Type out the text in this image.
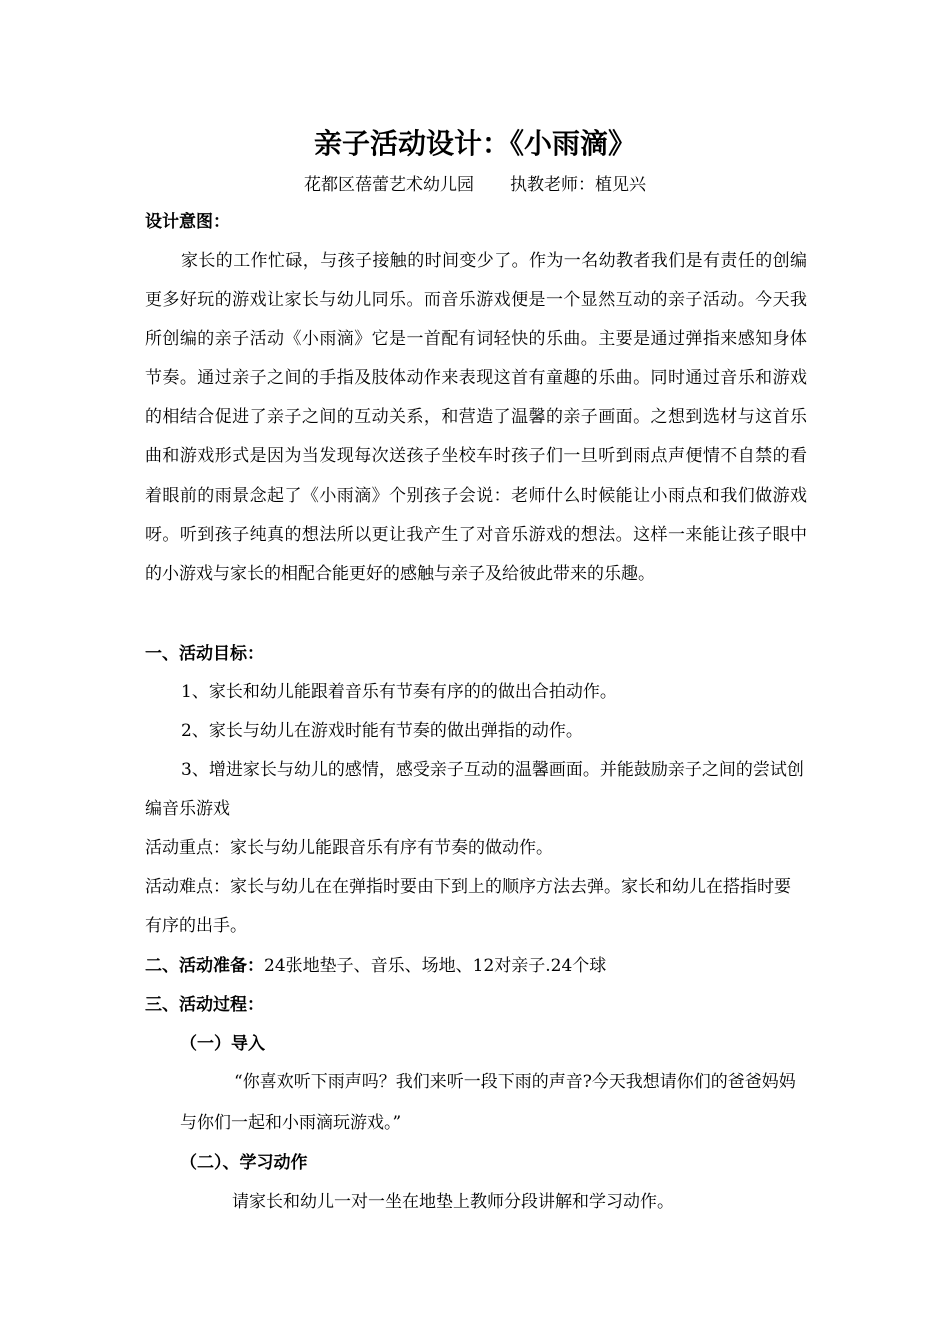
亲子活动设计：《小雨滴》
花都区蓓蕾艺术幼儿园 执教老师：植见兴
设计意图：

家长的工作忙碌，与孩子接触的时间变少了。作为一名幼教者我们是有责任的创编更多好玩的游戏让家长与幼儿同乐。而音乐游戏便是一个显然互动的亲子活动。今天我所创编的亲子活动《小雨滴》它是一首配有词轻快的乐曲。主要是通过弹指来感知身体节奏。通过亲子之间的手指及肢体动作来表现这首有童趣的乐曲。同时通过音乐和游戏的相结合促进了亲子之间的互动关系，和营造了温馨的亲子画面。之想到选材与这首乐曲和游戏形式是因为当发现每次送孩子坐校车时孩子们一旦听到雨点声便情不自禁的看着眼前的雨景念起了《小雨滴》个别孩子会说：老师什么时候能让小雨点和我们做游戏呀。听到孩子纯真的想法所以更让我产生了对音乐游戏的想法。这样一来能让孩子眼中的小游戏与家长的相配合能更好的感触与亲子及给彼此带来的乐趣。

一、活动目标：

1、家长和幼儿能跟着音乐有节奏有序的的做出合拍动作。

2、家长与幼儿在游戏时能有节奏的做出弹指的动作。

3、增进家长与幼儿的感情，感受亲子互动的温馨画面。并能鼓励亲子之间的尝试创编音乐游戏

活动重点：家长与幼儿能跟音乐有序有节奏的做动作。

活动难点：家长与幼儿在在弹指时要由下到上的顺序方法去弹。家长和幼儿在搭指时要有序的出手。

二、活动准备：24张地垫子、音乐、场地、12对亲子.24个球
三、活动过程：
（一）导入

“你喜欢听下雨声吗？我们来听一段下雨的声音?今天我想请你们的爸爸妈妈与你们一起和小雨滴玩游戏。”

（二）、学习动作

请家长和幼儿一对一坐在地垫上教师分段讲解和学习动作。
